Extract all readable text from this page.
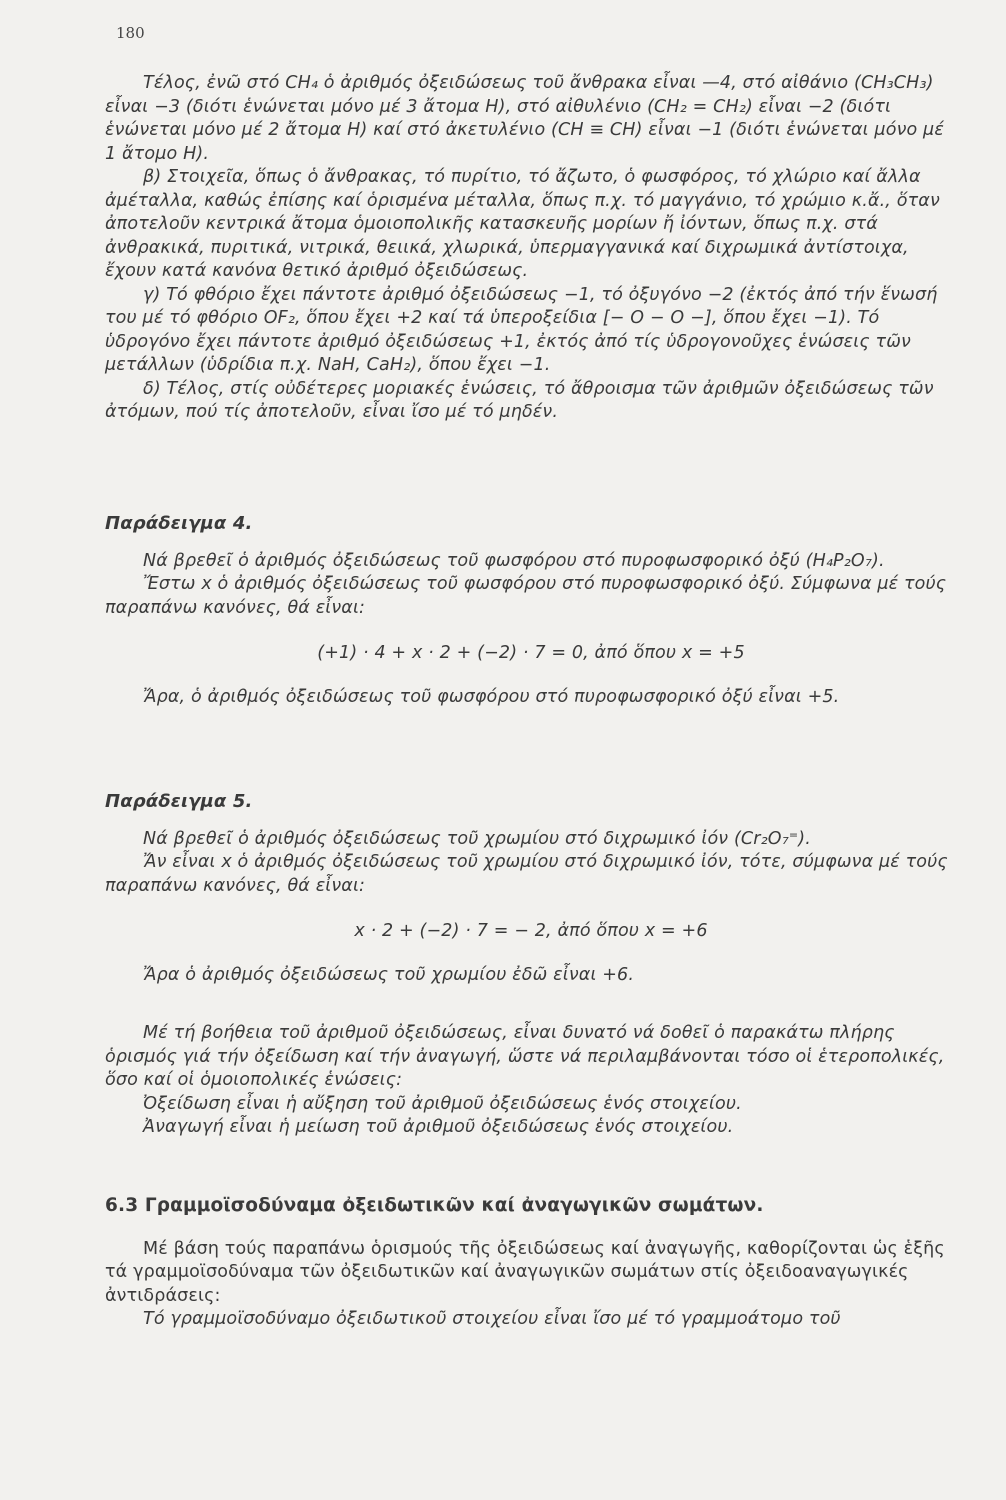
180

Τέλος, ἐνῶ στό CH₄ ὁ ἀριθμός ὀξειδώσεως τοῦ ἄνθρακα εἶναι —4, στό αἰθάνιο (CH₃CH₃) εἶναι −3 (διότι ἑνώνεται μόνο μέ 3 ἄτομα H), στό αἰθυλένιο (CH₂ = CH₂) εἶναι −2 (διότι ἑνώνεται μόνο μέ 2 ἄτομα H) καί στό ἀκετυλένιο (CH ≡ CH) εἶναι −1 (διότι ἑνώνεται μόνο μέ 1 ἄτομο H).

β) Στοιχεῖα, ὅπως ὁ ἄνθρακας, τό πυρίτιο, τό ἄζωτο, ὁ φωσφόρος, τό χλώριο καί ἄλλα ἀμέταλλα, καθώς ἐπίσης καί ὁρισμένα μέταλλα, ὅπως π.χ. τό μαγγάνιο, τό χρώμιο κ.ἄ., ὅταν ἀποτελοῦν κεντρικά ἄτομα ὁμοιοπολικῆς κατασκευῆς μορίων ἤ ἰόντων, ὅπως π.χ. στά ἀνθρακικά, πυριτικά, νιτρικά, θειικά, χλωρικά, ὑπερμαγγανικά καί διχρωμικά ἀντίστοιχα, ἔχουν κατά κανόνα θετικό ἀριθμό ὀξειδώσεως.

γ) Τό φθόριο ἔχει πάντοτε ἀριθμό ὀξειδώσεως −1, τό ὀξυγόνο −2 (ἐκτός ἀπό τήν ἕνωσή του μέ τό φθόριο OF₂, ὅπου ἔχει +2 καί τά ὑπεροξείδια [− O − O −], ὅπου ἔχει −1). Τό ὑδρογόνο ἔχει πάντοτε ἀριθμό ὀξειδώσεως +1, ἐκτός ἀπό τίς ὑδρογονοῦχες ἑνώσεις τῶν μετάλλων (ὑδρίδια π.χ. NaH, CaH₂), ὅπου ἔχει −1.

δ) Τέλος, στίς οὐδέτερες μοριακές ἑνώσεις, τό ἄθροισμα τῶν ἀριθμῶν ὀξειδώσεως τῶν ἀτόμων, πού τίς ἀποτελοῦν, εἶναι ἴσο μέ τό μηδέν.

Παράδειγμα 4.

Νά βρεθεῖ ὁ ἀριθμός ὀξειδώσεως τοῦ φωσφόρου στό πυροφωσφορικό ὀξύ (H₄P₂O₇).

Ἔστω x ὁ ἀριθμός ὀξειδώσεως τοῦ φωσφόρου στό πυροφωσφορικό ὀξύ. Σύμφωνα μέ τούς παραπάνω κανόνες, θά εἶναι:

(+1) · 4 + x · 2 + (−2) · 7 = 0, ἀπό ὅπου x = +5

Ἄρα, ὁ ἀριθμός ὀξειδώσεως τοῦ φωσφόρου στό πυροφωσφορικό ὀξύ εἶναι +5.

Παράδειγμα 5.

Νά βρεθεῖ ὁ ἀριθμός ὀξειδώσεως τοῦ χρωμίου στό διχρωμικό ἰόν (Cr₂O₇⁼).

Ἄν εἶναι x ὁ ἀριθμός ὀξειδώσεως τοῦ χρωμίου στό διχρωμικό ἰόν, τότε, σύμφωνα μέ τούς παραπάνω κανόνες, θά εἶναι:

x · 2 + (−2) · 7 = − 2, ἀπό ὅπου x = +6

Ἄρα ὁ ἀριθμός ὀξειδώσεως τοῦ χρωμίου ἐδῶ εἶναι +6.

Μέ τή βοήθεια τοῦ ἀριθμοῦ ὀξειδώσεως, εἶναι δυνατό νά δοθεῖ ὁ παρακάτω πλήρης ὁρισμός γιά τήν ὀξείδωση καί τήν ἀναγωγή, ὥστε νά περιλαμβάνονται τόσο οἱ ἑτεροπολικές, ὅσο καί οἱ ὁμοιοπολικές ἑνώσεις:

Ὀξείδωση εἶναι ἡ αὔξηση τοῦ ἀριθμοῦ ὀξειδώσεως ἑνός στοιχείου.

Ἀναγωγή εἶναι ἡ μείωση τοῦ ἀριθμοῦ ὀξειδώσεως ἑνός στοιχείου.

6.3 Γραμμοϊσοδύναμα ὀξειδωτικῶν καί ἀναγωγικῶν σωμάτων.

Μέ βάση τούς παραπάνω ὁρισμούς τῆς ὀξειδώσεως καί ἀναγωγῆς, καθορίζονται ὡς ἑξῆς τά γραμμοϊσοδύναμα τῶν ὀξειδωτικῶν καί ἀναγωγικῶν σωμάτων στίς ὀξειδοαναγωγικές ἀντιδράσεις:

Τό γραμμοϊσοδύναμο ὀξειδωτικοῦ στοιχείου εἶναι ἴσο μέ τό γραμμοάτομο τοῦ
